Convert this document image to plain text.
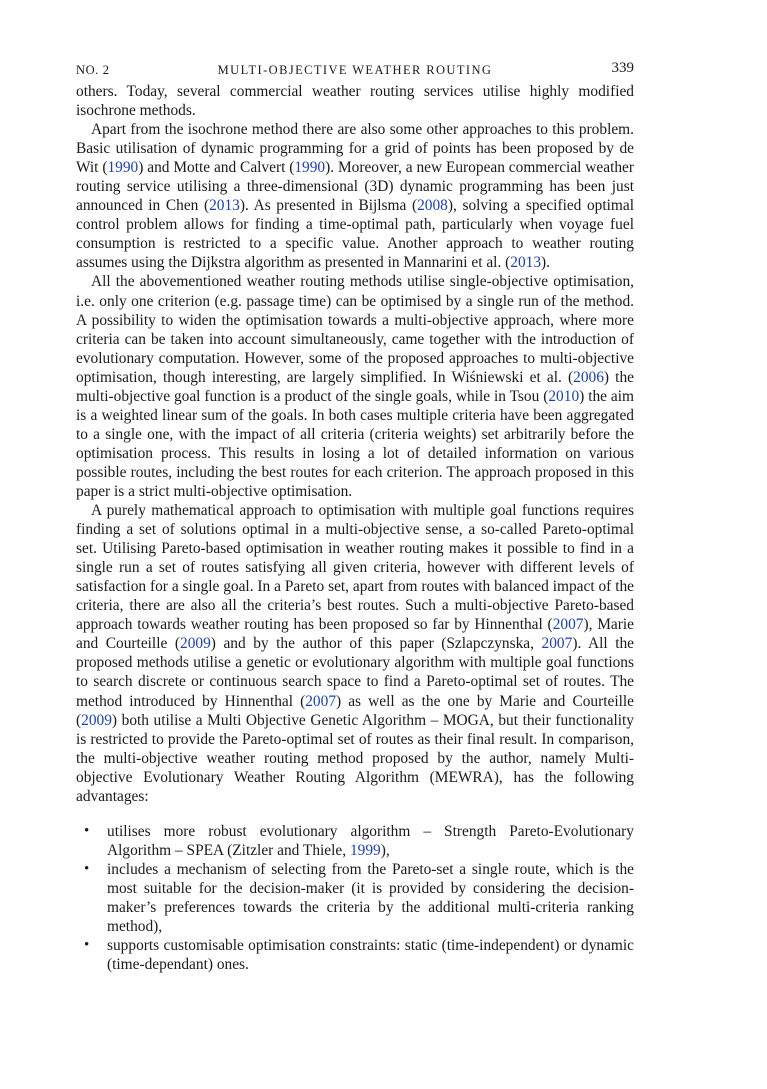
NO. 2	MULTI-OBJECTIVE WEATHER ROUTING	339

others. Today, several commercial weather routing services utilise highly modified isochrone methods.

Apart from the isochrone method there are also some other approaches to this problem. Basic utilisation of dynamic programming for a grid of points has been proposed by de Wit (1990) and Motte and Calvert (1990). Moreover, a new European commercial weather routing service utilising a three-dimensional (3D) dynamic programming has been just announced in Chen (2013). As presented in Bijlsma (2008), solving a specified optimal control problem allows for finding a time-optimal path, particularly when voyage fuel consumption is restricted to a specific value. Another approach to weather routing assumes using the Dijkstra algorithm as presented in Mannarini et al. (2013).

All the abovementioned weather routing methods utilise single-objective optimisation, i.e. only one criterion (e.g. passage time) can be optimised by a single run of the method. A possibility to widen the optimisation towards a multi-objective approach, where more criteria can be taken into account simultaneously, came together with the introduction of evolutionary computation. However, some of the proposed approaches to multi-objective optimisation, though interesting, are largely simplified. In Wiśniewski et al. (2006) the multi-objective goal function is a product of the single goals, while in Tsou (2010) the aim is a weighted linear sum of the goals. In both cases multiple criteria have been aggregated to a single one, with the impact of all criteria (criteria weights) set arbitrarily before the optimisation process. This results in losing a lot of detailed information on various possible routes, including the best routes for each criterion. The approach proposed in this paper is a strict multi-objective optimisation.

A purely mathematical approach to optimisation with multiple goal functions requires finding a set of solutions optimal in a multi-objective sense, a so-called Pareto-optimal set. Utilising Pareto-based optimisation in weather routing makes it possible to find in a single run a set of routes satisfying all given criteria, however with different levels of satisfaction for a single goal. In a Pareto set, apart from routes with balanced impact of the criteria, there are also all the criteria’s best routes. Such a multi-objective Pareto-based approach towards weather routing has been proposed so far by Hinnenthal (2007), Marie and Courteille (2009) and by the author of this paper (Szlapczynska, 2007). All the proposed methods utilise a genetic or evolutionary algorithm with multiple goal functions to search discrete or continuous search space to find a Pareto-optimal set of routes. The method introduced by Hinnenthal (2007) as well as the one by Marie and Courteille (2009) both utilise a Multi Objective Genetic Algorithm – MOGA, but their functionality is restricted to provide the Pareto-optimal set of routes as their final result. In comparison, the multi-objective weather routing method proposed by the author, namely Multi-objective Evolutionary Weather Routing Algorithm (MEWRA), has the following advantages:

• utilises more robust evolutionary algorithm – Strength Pareto-Evolutionary Algorithm – SPEA (Zitzler and Thiele, 1999),
• includes a mechanism of selecting from the Pareto-set a single route, which is the most suitable for the decision-maker (it is provided by considering the decision-maker’s preferences towards the criteria by the additional multi-criteria ranking method),
• supports customisable optimisation constraints: static (time-independent) or dynamic (time-dependant) ones.
